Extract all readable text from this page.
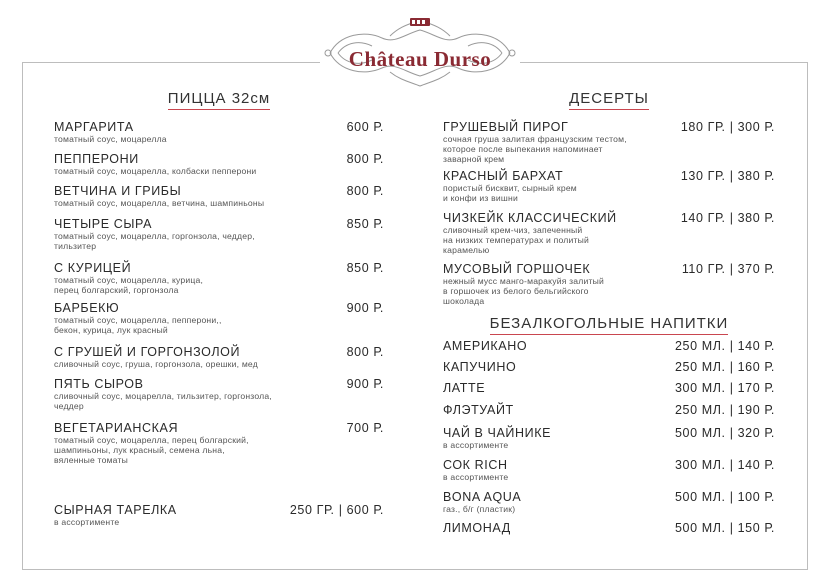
Château Durso
ПИЦЦА 32см
МАРГАРИТА	600 Р.
томатный соус, моцарелла
ПЕППЕРОНИ	800 Р.
томатный соус, моцарелла, колбаски пепперони
ВЕТЧИНА И ГРИБЫ	800 Р.
томатный соус, моцарелла, ветчина, шампиньоны
ЧЕТЫРЕ СЫРА	850 Р.
томатный соус, моцарелла, горгонзола, чеддер,
тильзитер
С КУРИЦЕЙ	850 Р.
томатный соус, моцарелла, курица,
перец болгарский, горгонзола
БАРБЕКЮ	900 Р.
томатный соус, моцарелла, пепперони,,
бекон, курица, лук красный
С ГРУШЕЙ И ГОРГОНЗОЛОЙ	800 Р.
сливочный соус, груша, горгонзола, орешки, мед
ПЯТЬ СЫРОВ	900 Р.
сливочный соус, моцарелла, тильзитер, горгонзола,
чеддер
ВЕГЕТАРИАНСКАЯ	700 Р.
томатный соус, моцарелла, перец болгарский,
шампиньоны, лук красный, семена льна,
вяленные томаты
СЫРНАЯ ТАРЕЛКА	250 ГР. | 600 Р.
в ассортименте
ДЕСЕРТЫ
ГРУШЕВЫЙ ПИРОГ	180 ГР. | 300 Р.
сочная груша залитая французским тестом,
которое после выпекания напоминает
заварной крем
КРАСНЫЙ БАРХАТ	130 ГР. | 380 Р.
пористый бисквит, сырный крем
и конфи из вишни
ЧИЗКЕЙК КЛАССИЧЕСКИЙ	140 ГР. | 380 Р.
сливочный крем-чиз, запеченный
на низких температурах и политый
карамелью
МУСОВЫЙ ГОРШОЧЕК	110 ГР. | 370 Р.
нежный мусс манго-маракуйя залитый
в горшочек из белого бельгийского
шоколада
БЕЗАЛКОГОЛЬНЫЕ НАПИТКИ
АМЕРИКАНО	250 МЛ. | 140 Р.
КАПУЧИНО	250 МЛ. | 160 Р.
ЛАТТЕ	300 МЛ. | 170 Р.
ФЛЭТУАЙТ	250 МЛ. | 190 Р.
ЧАЙ В ЧАЙНИКЕ	500 МЛ. | 320 Р.
в ассортименте
СОК RICH	300 МЛ. | 140 Р.
в ассортименте
BONA AQUA	500 МЛ. | 100 Р.
газ., б/г (пластик)
ЛИМОНАД	500 МЛ. | 150 Р.
